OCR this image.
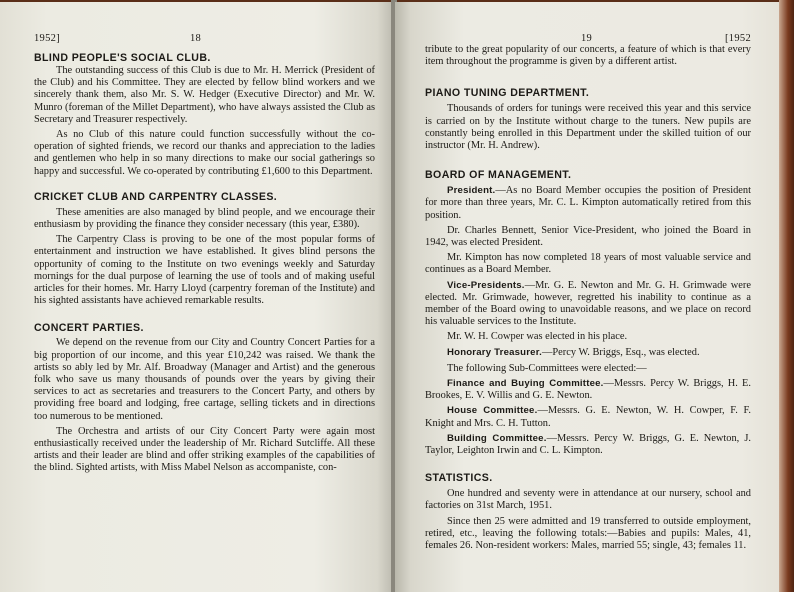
1952]	18
BLIND PEOPLE'S SOCIAL CLUB.

The outstanding success of this Club is due to Mr. H. Merrick (President of the Club) and his Committee. They are elected by fellow blind workers and we sincerely thank them, also Mr. S. W. Hedger (Executive Director) and Mr. W. Munro (foreman of the Millet Department), who have always assisted the Club as Secretary and Treasurer respectively.

As no Club of this nature could function successfully without the co-operation of sighted friends, we record our thanks and appreciation to the ladies and gentlemen who help in so many directions to make our social gatherings so happy and successful. We co-operated by contributing £1,600 to this Department.

CRICKET CLUB AND CARPENTRY CLASSES.

These amenities are also managed by blind people, and we encourage their enthusiasm by providing the finance they consider necessary (this year, £380).

The Carpentry Class is proving to be one of the most popular forms of entertainment and instruction we have established. It gives blind persons the opportunity of coming to the Institute on two evenings weekly and Saturday mornings for the dual purpose of learning the use of tools and of making useful articles for their homes. Mr. Harry Lloyd (carpentry foreman of the Institute) and his sighted assistants have achieved remarkable results.

CONCERT PARTIES.

We depend on the revenue from our City and Country Concert Parties for a big proportion of our income, and this year £10,242 was raised. We thank the artists so ably led by Mr. Alf. Broadway (Manager and Artist) and the generous folk who save us many thousands of pounds over the years by giving their services to act as secretaries and treasurers to the Concert Party, and others by providing free board and lodging, free cartage, selling tickets and in directions too numerous to be mentioned.

The Orchestra and artists of our City Concert Party were again most enthusiastically received under the leadership of Mr. Richard Sutcliffe. All these artists and their leader are blind and offer striking examples of the capabilities of the blind. Sighted artists, with Miss Mabel Nelson as accompaniste, con-

19	[1952

tribute to the great popularity of our concerts, a feature of which is that every item throughout the programme is given by a different artist.

PIANO TUNING DEPARTMENT.

Thousands of orders for tunings were received this year and this service is carried on by the Institute without charge to the tuners. New pupils are constantly being enrolled in this Department under the skilled tuition of our instructor (Mr. H. Andrew).

BOARD OF MANAGEMENT.

President.—As no Board Member occupies the position of President for more than three years, Mr. C. L. Kimpton automatically retired from this position.

Dr. Charles Bennett, Senior Vice-President, who joined the Board in 1942, was elected President.

Mr. Kimpton has now completed 18 years of most valuable service and continues as a Board Member.

Vice-Presidents.—Mr. G. E. Newton and Mr. G. H. Grimwade were elected. Mr. Grimwade, however, regretted his inability to continue as a member of the Board owing to unavoidable reasons, and we place on record his valuable services to the Institute.

Mr. W. H. Cowper was elected in his place.

Honorary Treasurer.—Percy W. Briggs, Esq., was elected.

The following Sub-Committees were elected:—

Finance and Buying Committee.—Messrs. Percy W. Briggs, H. E. Brookes, E. V. Willis and G. E. Newton.

House Committee.—Messrs. G. E. Newton, W. H. Cowper, F. F. Knight and Mrs. C. H. Tutton.

Building Committee.—Messrs. Percy W. Briggs, G. E. Newton, J. Taylor, Leighton Irwin and C. L. Kimpton.

STATISTICS.

One hundred and seventy were in attendance at our nursery, school and factories on 31st March, 1951.

Since then 25 were admitted and 19 transferred to outside employment, retired, etc., leaving the following totals:—Babies and pupils: Males, 41, females 26. Non-resident workers: Males, married 55; single, 43; females 11.
